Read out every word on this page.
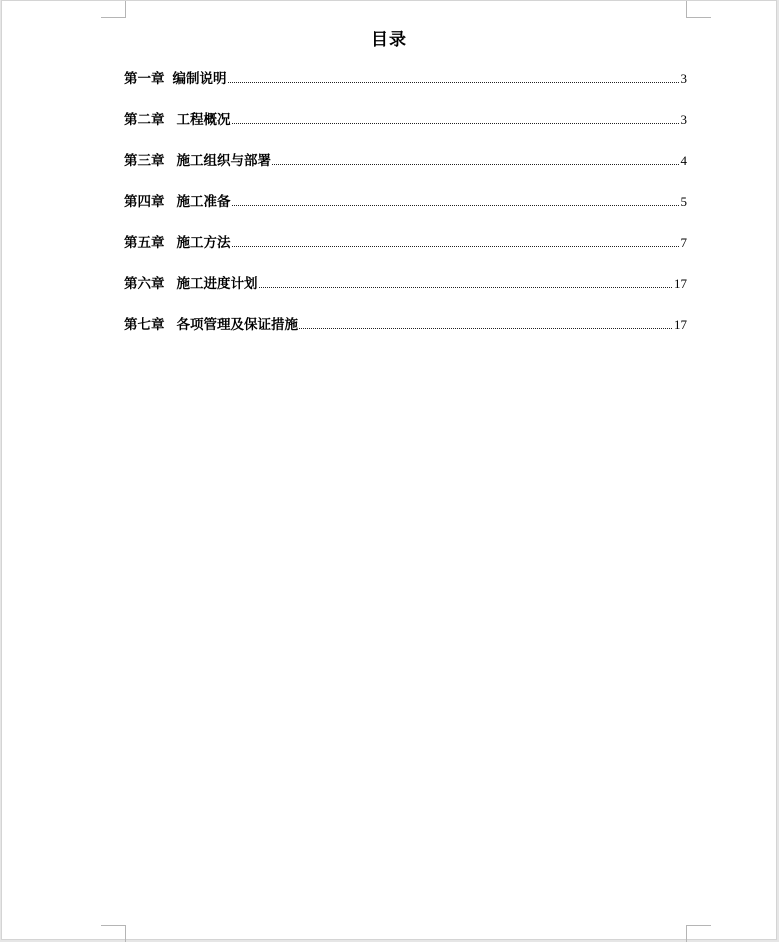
目录
第一章 编制说明	3
第二章 工程概况	3
第三章 施工组织与部署	4
第四章 施工准备	5
第五章 施工方法	7
第六章 施工进度计划	17
第七章 各项管理及保证措施	17
